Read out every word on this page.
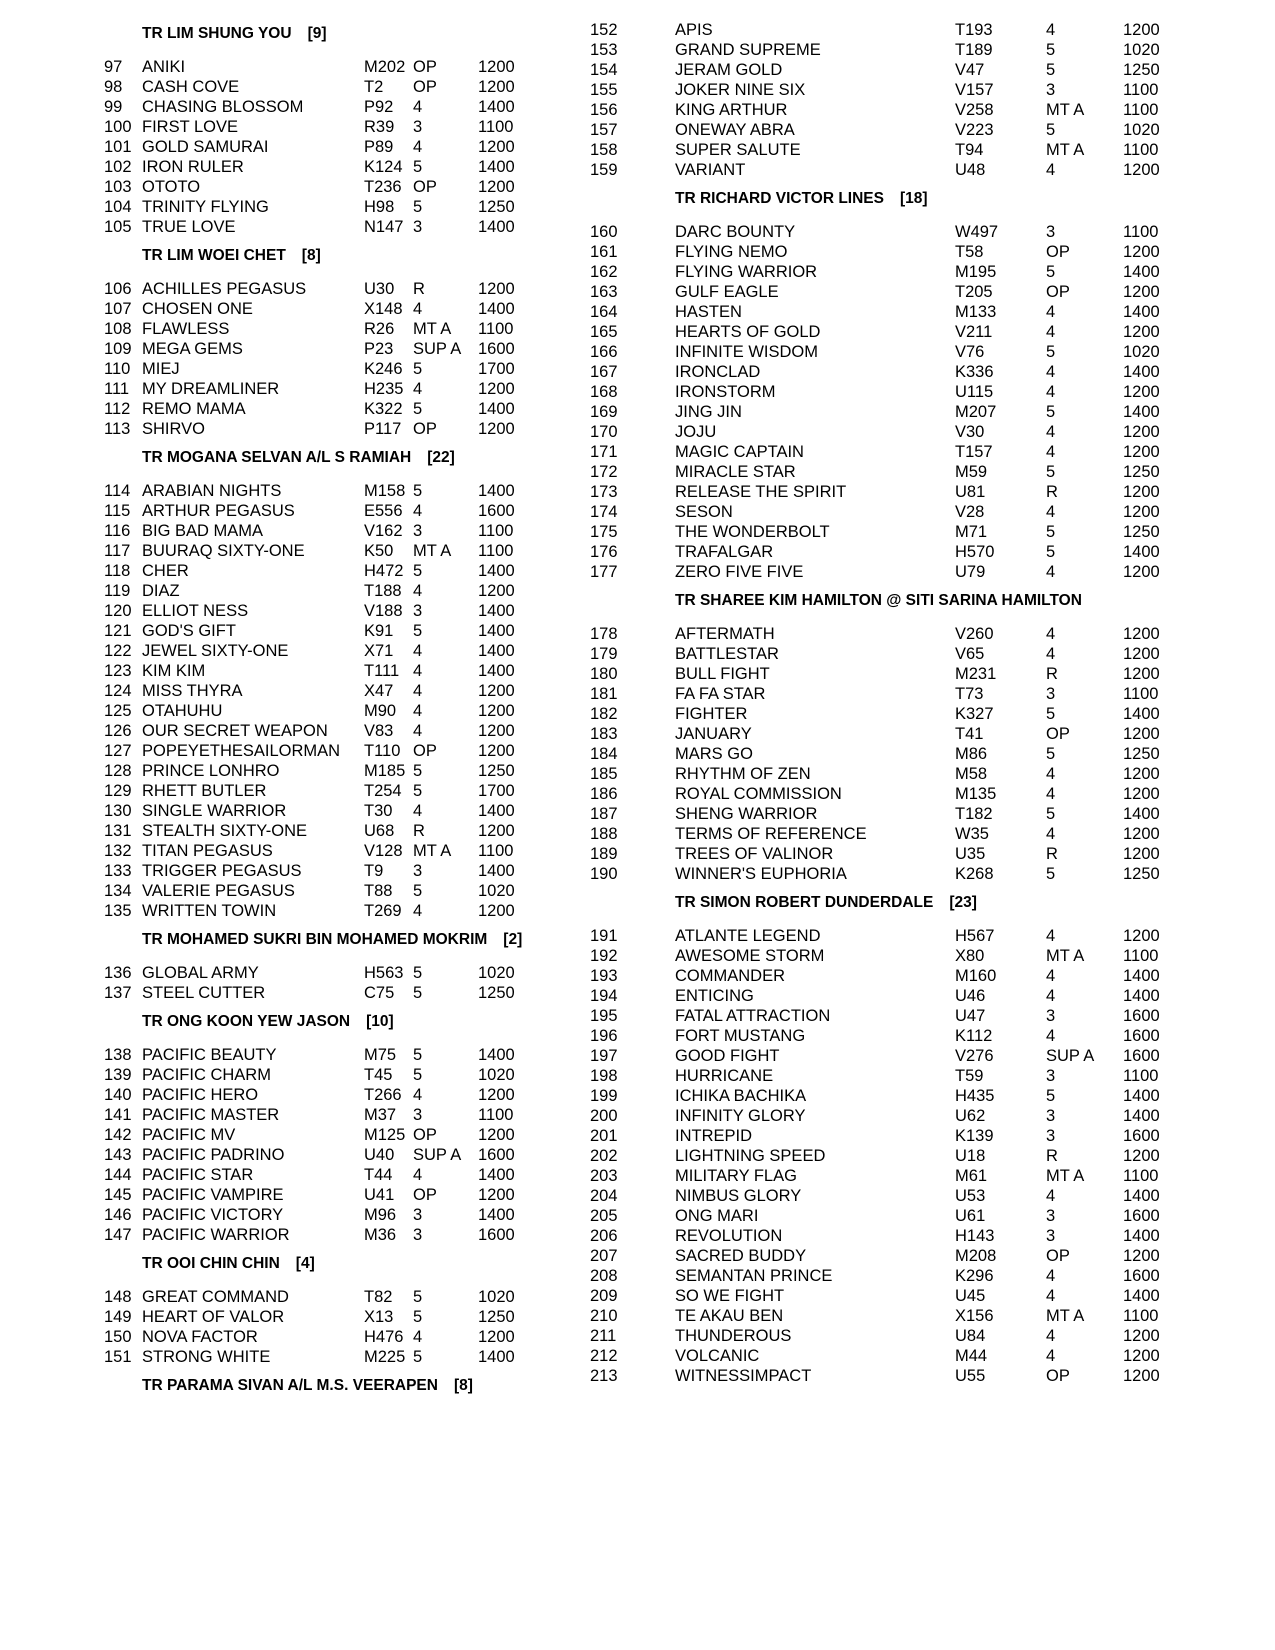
TR LIM SHUNG YOU [9]
97 ANIKI	M202 OP 1200
98 CASH COVE	T2 OP 1200
99 CHASING BLOSSOM	P92 4	1400
100 FIRST LOVE	R39 3	1100
101 GOLD SAMURAI	P89 4	1200
102 IRON RULER	K124 5	1400
103 OTOTO	T236 OP 1200
104 TRINITY FLYING	H98 5	1250
105 TRUE LOVE	N147 3	1400
TR LIM WOEI CHET [8]
106 ACHILLES PEGASUS	U30 R	1200
107 CHOSEN ONE	X148 4	1400
108 FLAWLESS	R26 MT A 1100
109 MEGA GEMS	P23 SUP A 1600
110 MIEJ	K246 5	1700
111 MY DREAMLINER	H235 4	1200
112 REMO MAMA	K322 5	1400
113 SHIRVO	P117 OP 1200
TR MOGANA SELVAN A/L S RAMIAH [22]
114 ARABIAN NIGHTS	M158 5	1400
115 ARTHUR PEGASUS	E556 4	1600
116 BIG BAD MAMA	V162 3	1100
117 BUURAQ SIXTY-ONE	K50 MT A 1100
118 CHER	H472 5	1400
119 DIAZ	T188 4	1200
120 ELLIOT NESS	V188 3	1400
121 GOD'S GIFT	K91 5	1400
122 JEWEL SIXTY-ONE	X71 4	1400
123 KIM KIM	T111 4	1400
124 MISS THYRA	X47 4	1200
125 OTAHUHU	M90 4	1200
126 OUR SECRET WEAPON V83 4	1200
127 POPEYETHESAILORMAN T110 OP 1200
128 PRINCE LONHRO	M185 5	1250
129 RHETT BUTLER	T254 5	1700
130 SINGLE WARRIOR	T30 4	1400
131 STEALTH SIXTY-ONE	U68 R	1200
132 TITAN PEGASUS	V128 MT A 1100
133 TRIGGER PEGASUS	T9 3	1400
134 VALERIE PEGASUS	T88 5	1020
135 WRITTEN TOWIN	T269 4	1200
TR MOHAMED SUKRI BIN MOHAMED MOKRIM [2]
136 GLOBAL ARMY	H563 5	1020
137 STEEL CUTTER	C75 5	1250
TR ONG KOON YEW JASON [10]
138 PACIFIC BEAUTY	M75 5	1400
139 PACIFIC CHARM	T45 5	1020
140 PACIFIC HERO	T266 4	1200
141 PACIFIC MASTER	M37 3	1100
142 PACIFIC MV	M125 OP 1200
143 PACIFIC PADRINO	U40 SUP A 1600
144 PACIFIC STAR	T44 4	1400
145 PACIFIC VAMPIRE	U41 OP 1200
146 PACIFIC VICTORY	M96 3	1400
147 PACIFIC WARRIOR	M36 3	1600
TR OOI CHIN CHIN [4]
148 GREAT COMMAND	T82 5	1020
149 HEART OF VALOR	X13 5	1250
150 NOVA FACTOR	H476 4	1200
151 STRONG WHITE	M225 5	1400
TR PARAMA SIVAN A/L M.S. VEERAPEN [8]
152	APIS	T193	4	1200
153	GRAND SUPREME	T189	5	1020
154	JERAM GOLD	V47	5	1250
155	JOKER NINE SIX	V157	3	1100
156	KING ARTHUR	V258	MT A 1100
157	ONEWAY ABRA	V223	5	1020
158	SUPER SALUTE	T94	MT A 1100
159	VARIANT	U48	4	1200
TR RICHARD VICTOR LINES [18]
160	DARC BOUNTY	W497	3	1100
161	FLYING NEMO	T58	OP	1200
162	FLYING WARRIOR	M195	5	1400
163	GULF EAGLE	T205	OP	1200
164	HASTEN	M133	4	1400
165	HEARTS OF GOLD	V211	4	1200
166	INFINITE WISDOM	V76	5	1020
167	IRONCLAD	K336	4	1400
168	IRONSTORM	U115	4	1200
169	JING JIN	M207	5	1400
170	JOJU	V30	4	1200
171	MAGIC CAPTAIN	T157	4	1200
172	MIRACLE STAR	M59	5	1250
173	RELEASE THE SPIRIT	U81	R	1200
174	SESON	V28	4	1200
175	THE WONDERBOLT	M71	5	1250
176	TRAFALGAR	H570	5	1400
177	ZERO FIVE FIVE	U79	4	1200
TR SHAREE KIM HAMILTON @ SITI SARINA HAMILTON
178	AFTERMATH	V260	4	1200
179	BATTLESTAR	V65	4	1200
180	BULL FIGHT	M231	R	1200
181	FA FA STAR	T73	3	1100
182	FIGHTER	K327	5	1400
183	JANUARY	T41	OP	1200
184	MARS GO	M86	5	1250
185	RHYTHM OF ZEN	M58	4	1200
186	ROYAL COMMISSION	M135	4	1200
187	SHENG WARRIOR	T182	5	1400
188	TERMS OF REFERENCE	W35	4	1200
189	TREES OF VALINOR	U35	R	1200
190	WINNER'S EUPHORIA	K268	5	1250
TR SIMON ROBERT DUNDERDALE [23]
191	ATLANTE LEGEND	H567	4	1200
192	AWESOME STORM	X80	MT A 1100
193	COMMANDER	M160	4	1400
194	ENTICING	U46	4	1400
195	FATAL ATTRACTION	U47	3	1600
196	FORT MUSTANG	K112	4	1600
197	GOOD FIGHT	V276	SUP A 1600
198	HURRICANE	T59	3	1100
199	ICHIKA BACHIKA	H435	5	1400
200	INFINITY GLORY	U62	3	1400
201	INTREPID	K139	3	1600
202	LIGHTNING SPEED	U18	R	1200
203	MILITARY FLAG	M61	MT A 1100
204	NIMBUS GLORY	U53	4	1400
205	ONG MARI	U61	3	1600
206	REVOLUTION	H143	3	1400
207	SACRED BUDDY	M208	OP	1200
208	SEMANTAN PRINCE	K296	4	1600
209	SO WE FIGHT	U45	4	1400
210	TE AKAU BEN	X156	MT A 1100
211	THUNDEROUS	U84	4	1200
212	VOLCANIC	M44	4	1200
213	WITNESSIMPACT	U55	OP	1200
